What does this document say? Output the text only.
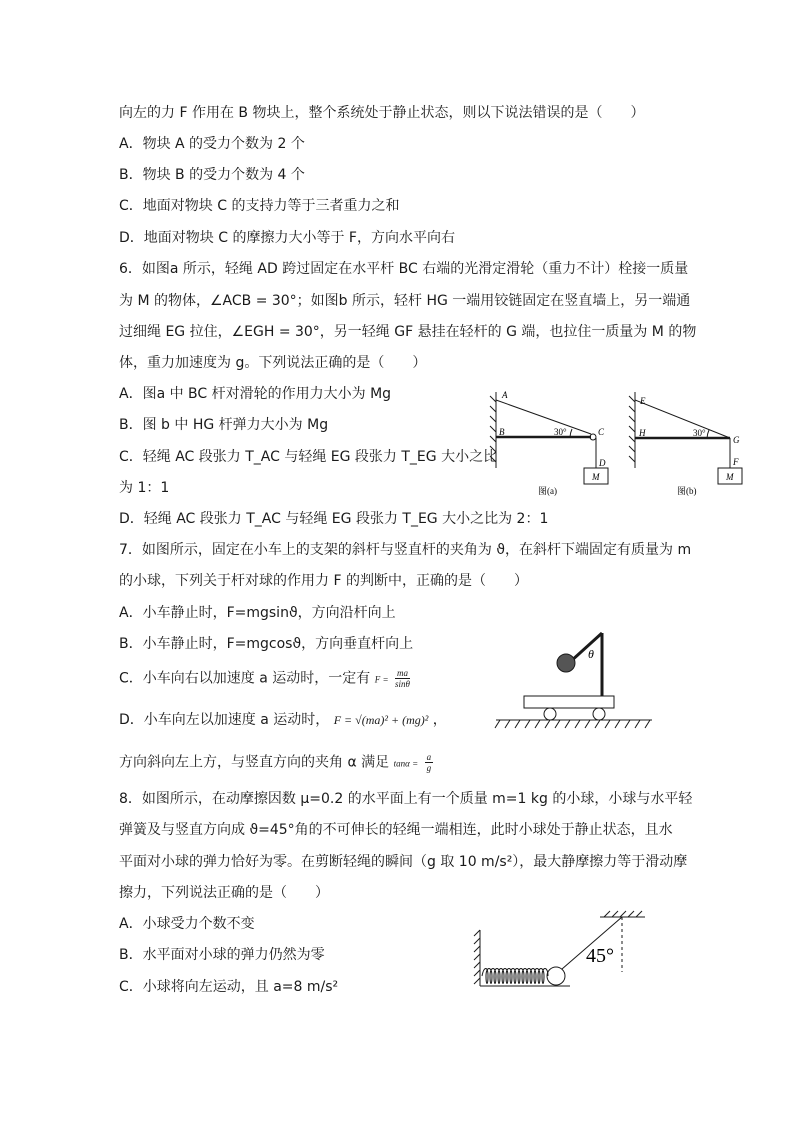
向左的力 F 作用在 B 物块上，整个系统处于静止状态，则以下说法错误的是（　　）
A．物块 A 的受力个数为 2 个
B．物块 B 的受力个数为 4 个
C．地面对物块 C 的支持力等于三者重力之和
D．地面对物块 C 的摩擦力大小等于 F，方向水平向右
6．如图a 所示，轻绳 AD 跨过固定在水平杆 BC 右端的光滑定滑轮（重力不计）栓接一质量
为 M 的物体，∠ACB = 30°；如图b 所示，轻杆 HG 一端用铰链固定在竖直墙上，另一端通
过细绳 EG 拉住，∠EGH = 30°，另一轻绳 GF 悬挂在轻杆的 G 端，也拉住一质量为 M 的物
体，重力加速度为 g。下列说法正确的是（　　）
A．图a 中 BC 杆对滑轮的作用力大小为 Mg
B．图 b 中 HG 杆弹力大小为 Mg
C．轻绳 AC 段张力 T_AC 与轻绳 EG 段张力 T_EG 大小之比
为 1：1
D．轻绳 AC 段张力 T_AC 与轻绳 EG 段张力 T_EG 大小之比为 2：1
A
B	C
D
M
30°
图(a)
E
H
G
F
M
30°
图(b)
7．如图所示，固定在小车上的支架的斜杆与竖直杆的夹角为 ϑ，在斜杆下端固定有质量为 m
的小球，下列关于杆对球的作用力 F 的判断中，正确的是（　　）
A．小车静止时，F=mgsinϑ，方向沿杆向上
B．小车静止时，F=mgcosϑ，方向垂直杆向上
C．小车向右以加速度 a 运动时，一定有 $F = \frac{ma}{\sin\theta}$
D．小车向左以加速度 a 运动时， F = √(ma)² + (mg)² ，
方向斜向左上方，与竖直方向的夹角 α 满足 $\tan\alpha = \frac{a}{g}$
θ
8．如图所示，在动摩擦因数 μ=0.2 的水平面上有一个质量 m=1 kg 的小球，小球与水平轻
弹簧及与竖直方向成 ϑ=45°角的不可伸长的轻绳一端相连，此时小球处于静止状态，且水
平面对小球的弹力恰好为零。在剪断轻绳的瞬间（g 取 10 m/s²），最大静摩擦力等于滑动摩
擦力，下列说法正确的是（　　）
A．小球受力个数不变
B．水平面对小球的弹力仍然为零
C．小球将向左运动，且 a=8 m/s²
45°
